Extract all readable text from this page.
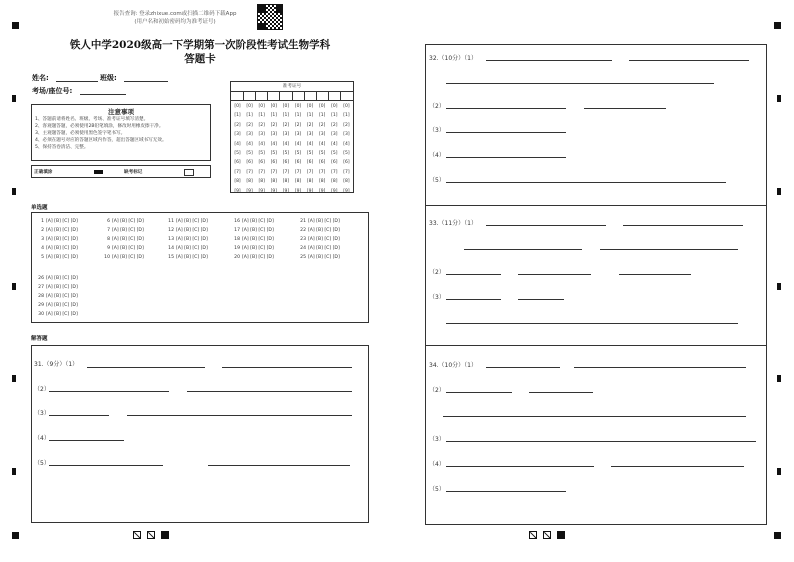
报告查询: 登录zhixue.com或扫描二维码下载App
(用户名和初始密码均为准考证号)
铁人中学2020级高一下学期第一次阶段性考试生物学科
答题卡
姓名:	班级:
考场/座位号:
注意事项
1、答题前请将姓名、班级、考场、准考证号填写清楚。
2、客观题答题，必须使用2B铅笔填涂，修改时用橡皮擦干净。
3、主观题答题，必须使用黑色签字笔书写。
4、必须在题号对应的答题区域内作答，超出答题区域书写无效。
5、保持答卷清洁、完整。
正确填涂	缺考标记
准考证号
[0]
[1]
[2]
[3]
[4]
[5]
[6]
[7]
[8]
[9]
[0]
[1]
[2]
[3]
[4]
[5]
[6]
[7]
[8]
[9]
[0]
[1]
[2]
[3]
[4]
[5]
[6]
[7]
[8]
[9]
[0]
[1]
[2]
[3]
[4]
[5]
[6]
[7]
[8]
[9]
[0]
[1]
[2]
[3]
[4]
[5]
[6]
[7]
[8]
[9]
[0]
[1]
[2]
[3]
[4]
[5]
[6]
[7]
[8]
[9]
[0]
[1]
[2]
[3]
[4]
[5]
[6]
[7]
[8]
[9]
[0]
[1]
[2]
[3]
[4]
[5]
[6]
[7]
[8]
[9]
[0]
[1]
[2]
[3]
[4]
[5]
[6]
[7]
[8]
[9]
[0]
[1]
[2]
[3]
[4]
[5]
[6]
[7]
[8]
[9]
单选题
1 [A] [B] [C] [D]
2 [A] [B] [C] [D]
3 [A] [B] [C] [D]
4 [A] [B] [C] [D]
5 [A] [B] [C] [D]
6 [A] [B] [C] [D]
7 [A] [B] [C] [D]
8 [A] [B] [C] [D]
9 [A] [B] [C] [D]
10 [A] [B] [C] [D]
11 [A] [B] [C] [D]
12 [A] [B] [C] [D]
13 [A] [B] [C] [D]
14 [A] [B] [C] [D]
15 [A] [B] [C] [D]
16 [A] [B] [C] [D]
17 [A] [B] [C] [D]
18 [A] [B] [C] [D]
19 [A] [B] [C] [D]
20 [A] [B] [C] [D]
21 [A] [B] [C] [D]
22 [A] [B] [C] [D]
23 [A] [B] [C] [D]
24 [A] [B] [C] [D]
25 [A] [B] [C] [D]
26 [A] [B] [C] [D]
27 [A] [B] [C] [D]
28 [A] [B] [C] [D]
29 [A] [B] [C] [D]
30 [A] [B] [C] [D]
解答题
31.（9分）（1）
（2）
（3）
（4）
（5）
32.（10分）（1）
（2）
（3）
（4）
（5）
33.（11分）（1）
（2）
（3）
34.（10分）（1）
（2）
（3）
（4）
（5）
